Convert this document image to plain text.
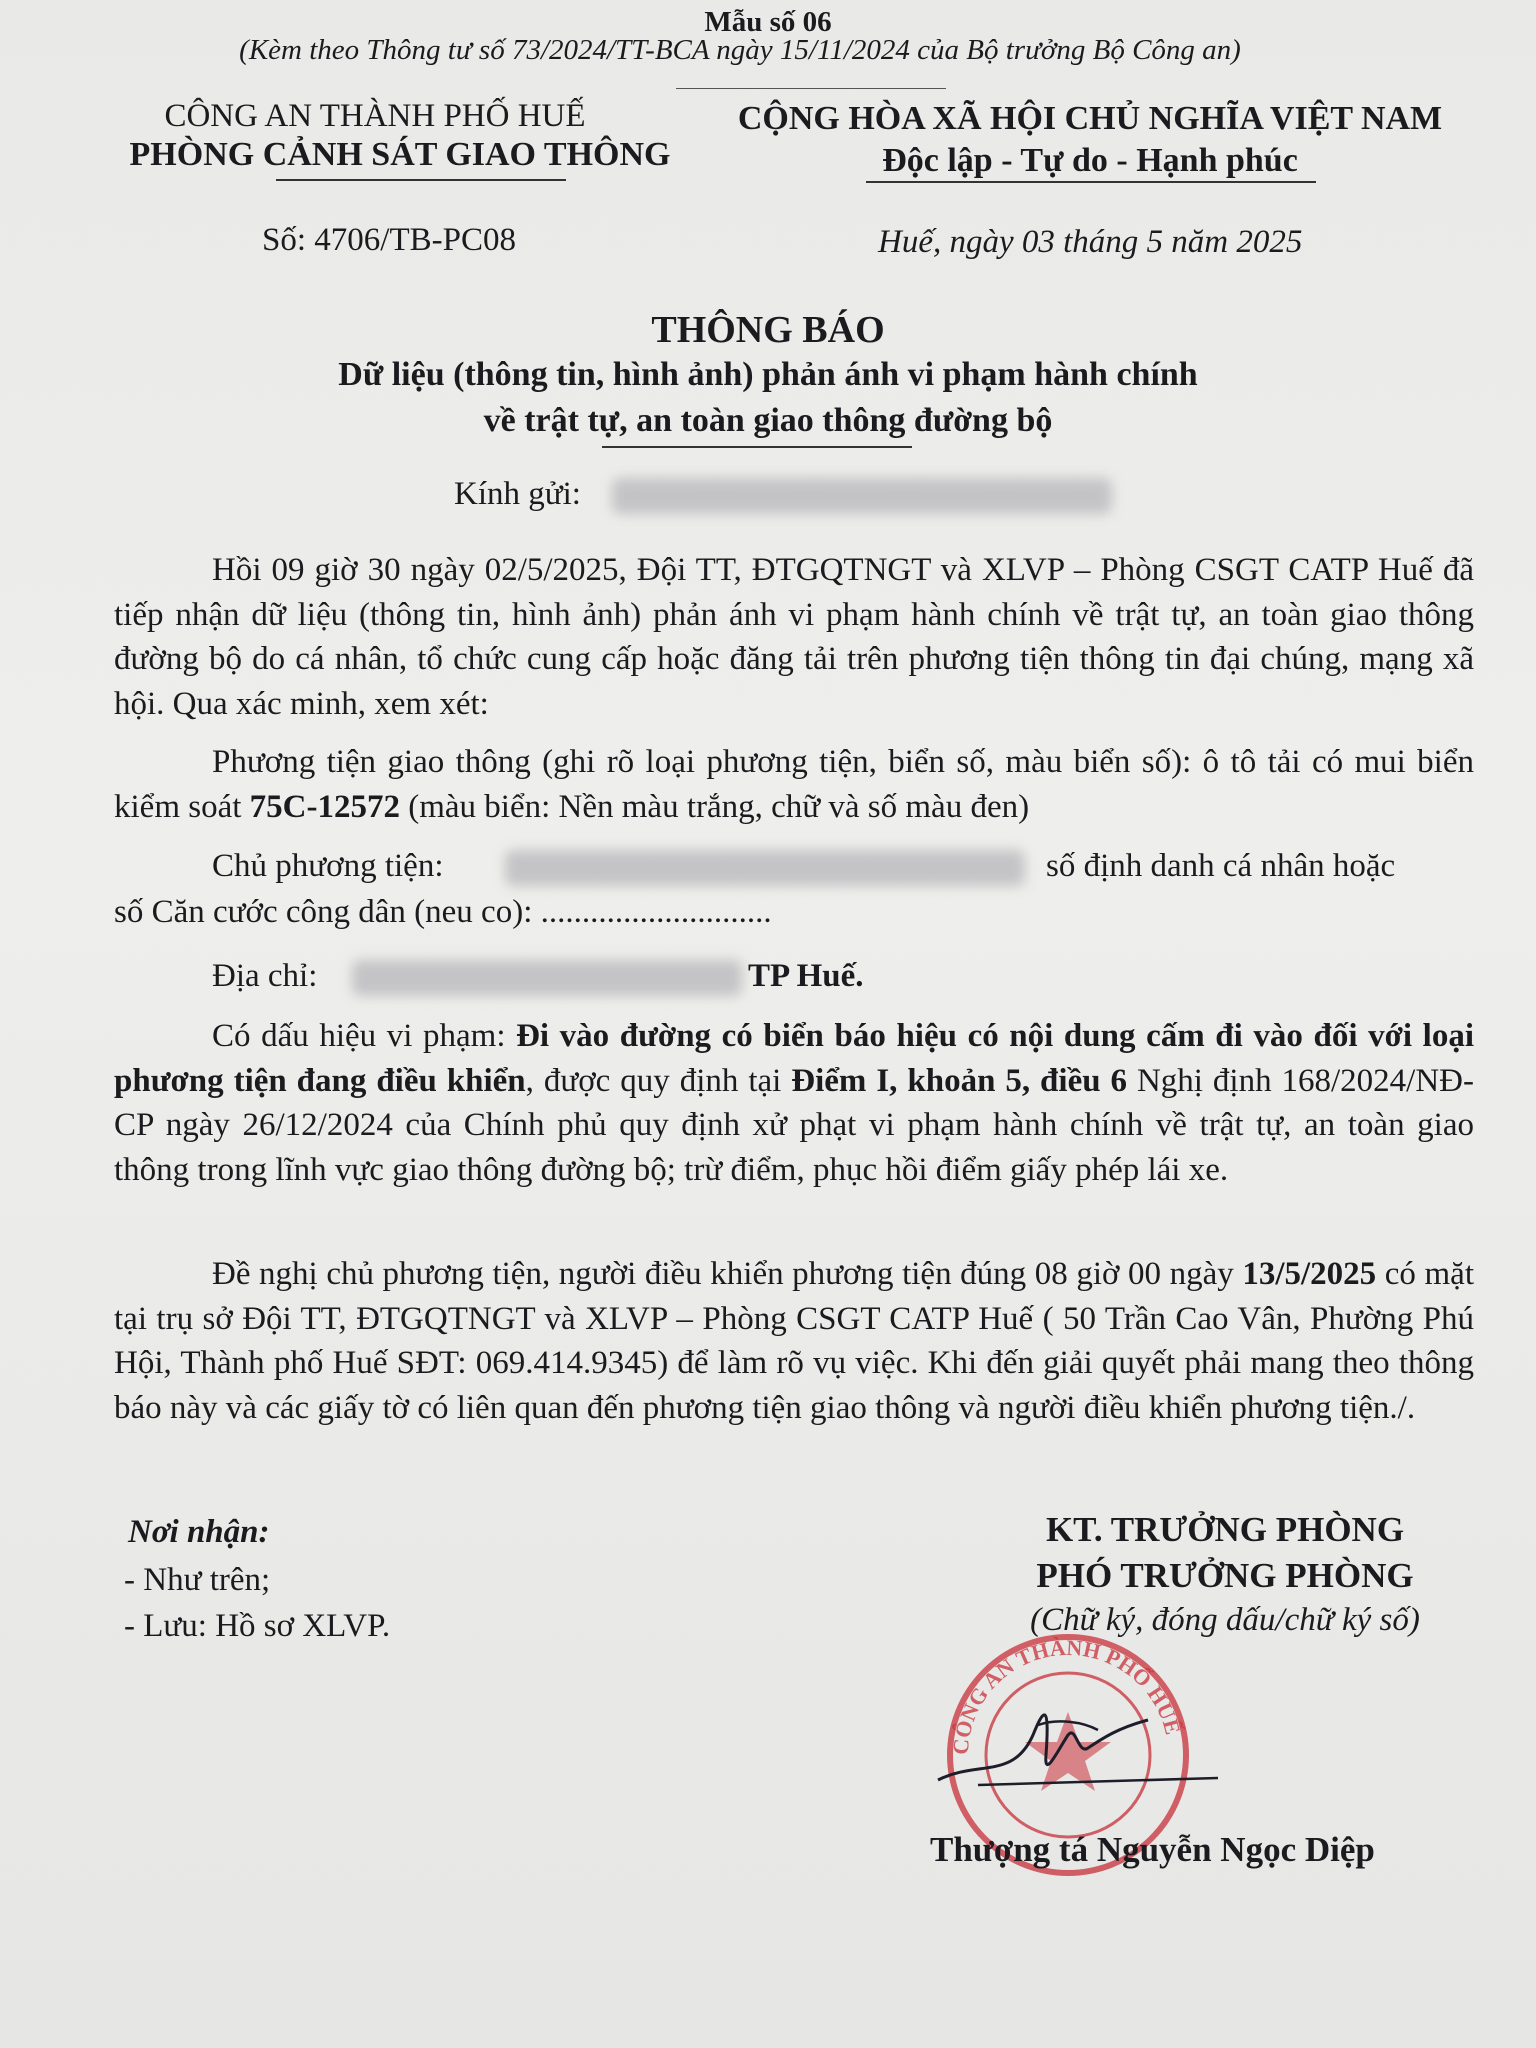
Mẫu số 06
(Kèm theo Thông tư số 73/2024/TT-BCA ngày 15/11/2024 của Bộ trưởng Bộ Công an)
CÔNG AN THÀNH PHỐ HUẾ
PHÒNG CẢNH SÁT GIAO THÔNG
CỘNG HÒA XÃ HỘI CHỦ NGHĨA VIỆT NAM
Độc lập - Tự do - Hạnh phúc
Số: 4706/TB-PC08	Huế, ngày 03 tháng 5 năm 2025
THÔNG BÁO
Dữ liệu (thông tin, hình ảnh) phản ánh vi phạm hành chính
về trật tự, an toàn giao thông đường bộ
Kính gửi:
Hồi 09 giờ 30 ngày 02/5/2025, Đội TT, ĐTGQTNGT và XLVP – Phòng CSGT CATP Huế đã tiếp nhận dữ liệu (thông tin, hình ảnh) phản ánh vi phạm hành chính về trật tự, an toàn giao thông đường bộ do cá nhân, tổ chức cung cấp hoặc đăng tải trên phương tiện thông tin đại chúng, mạng xã hội. Qua xác minh, xem xét:
Phương tiện giao thông (ghi rõ loại phương tiện, biển số, màu biển số): ô tô tải có mui biển kiểm soát 75C-12572 (màu biển: Nền màu trắng, chữ và số màu đen)
Chủ phương tiện:	số định danh cá nhân hoặc
số Căn cước công dân (neu co): ............................
Địa chỉ:	TP Huế.
Có dấu hiệu vi phạm: Đi vào đường có biển báo hiệu có nội dung cấm đi vào đối với loại phương tiện đang điều khiển, được quy định tại Điểm I, khoản 5, điều 6 Nghị định 168/2024/NĐ-CP ngày 26/12/2024 của Chính phủ quy định xử phạt vi phạm hành chính về trật tự, an toàn giao thông trong lĩnh vực giao thông đường bộ; trừ điểm, phục hồi điểm giấy phép lái xe.
Đề nghị chủ phương tiện, người điều khiển phương tiện đúng 08 giờ 00 ngày 13/5/2025 có mặt tại trụ sở Đội TT, ĐTGQTNGT và XLVP – Phòng CSGT CATP Huế ( 50 Trần Cao Vân, Phường Phú Hội, Thành phố Huế SĐT: 069.414.9345) để làm rõ vụ việc. Khi đến giải quyết phải mang theo thông báo này và các giấy tờ có liên quan đến phương tiện giao thông và người điều khiển phương tiện./.
Nơi nhận:
- Như trên;
- Lưu: Hồ sơ XLVP.
KT. TRƯỞNG PHÒNG
PHÓ TRƯỞNG PHÒNG
(Chữ ký, đóng dấu/chữ ký số)
CÔNG AN THÀNH PHỐ HUẾ
Thượng tá Nguyễn Ngọc Diệp
